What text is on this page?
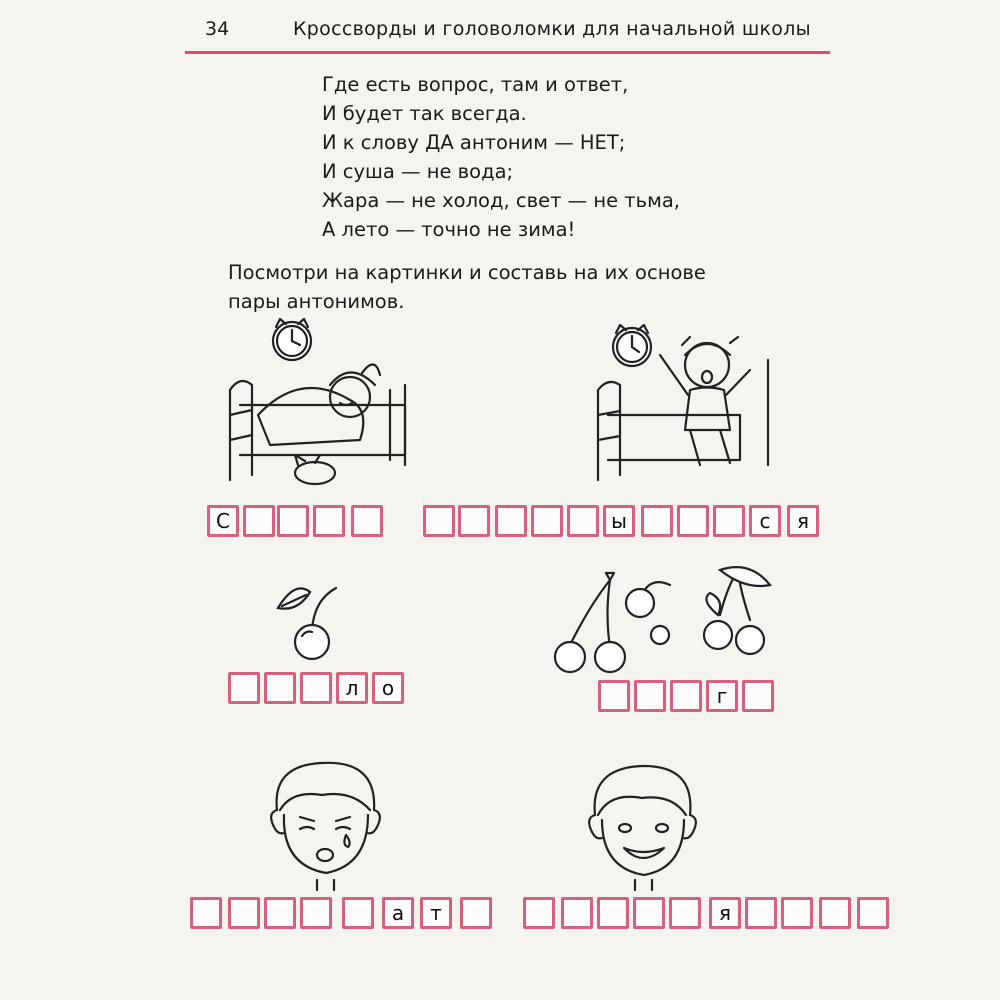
34	Кроссворды и головоломки для начальной школы
Где есть вопрос, там и ответ,
И будет так всегда.
И к слову ДА антоним — НЕТ;
И суша — не вода;
Жара — не холод, свет — не тьма,
А лето — точно не зима!
Посмотри на картинки и составь на их основе
пары антонимов.
С	ы	с	я
л	о	г
а	т	я
